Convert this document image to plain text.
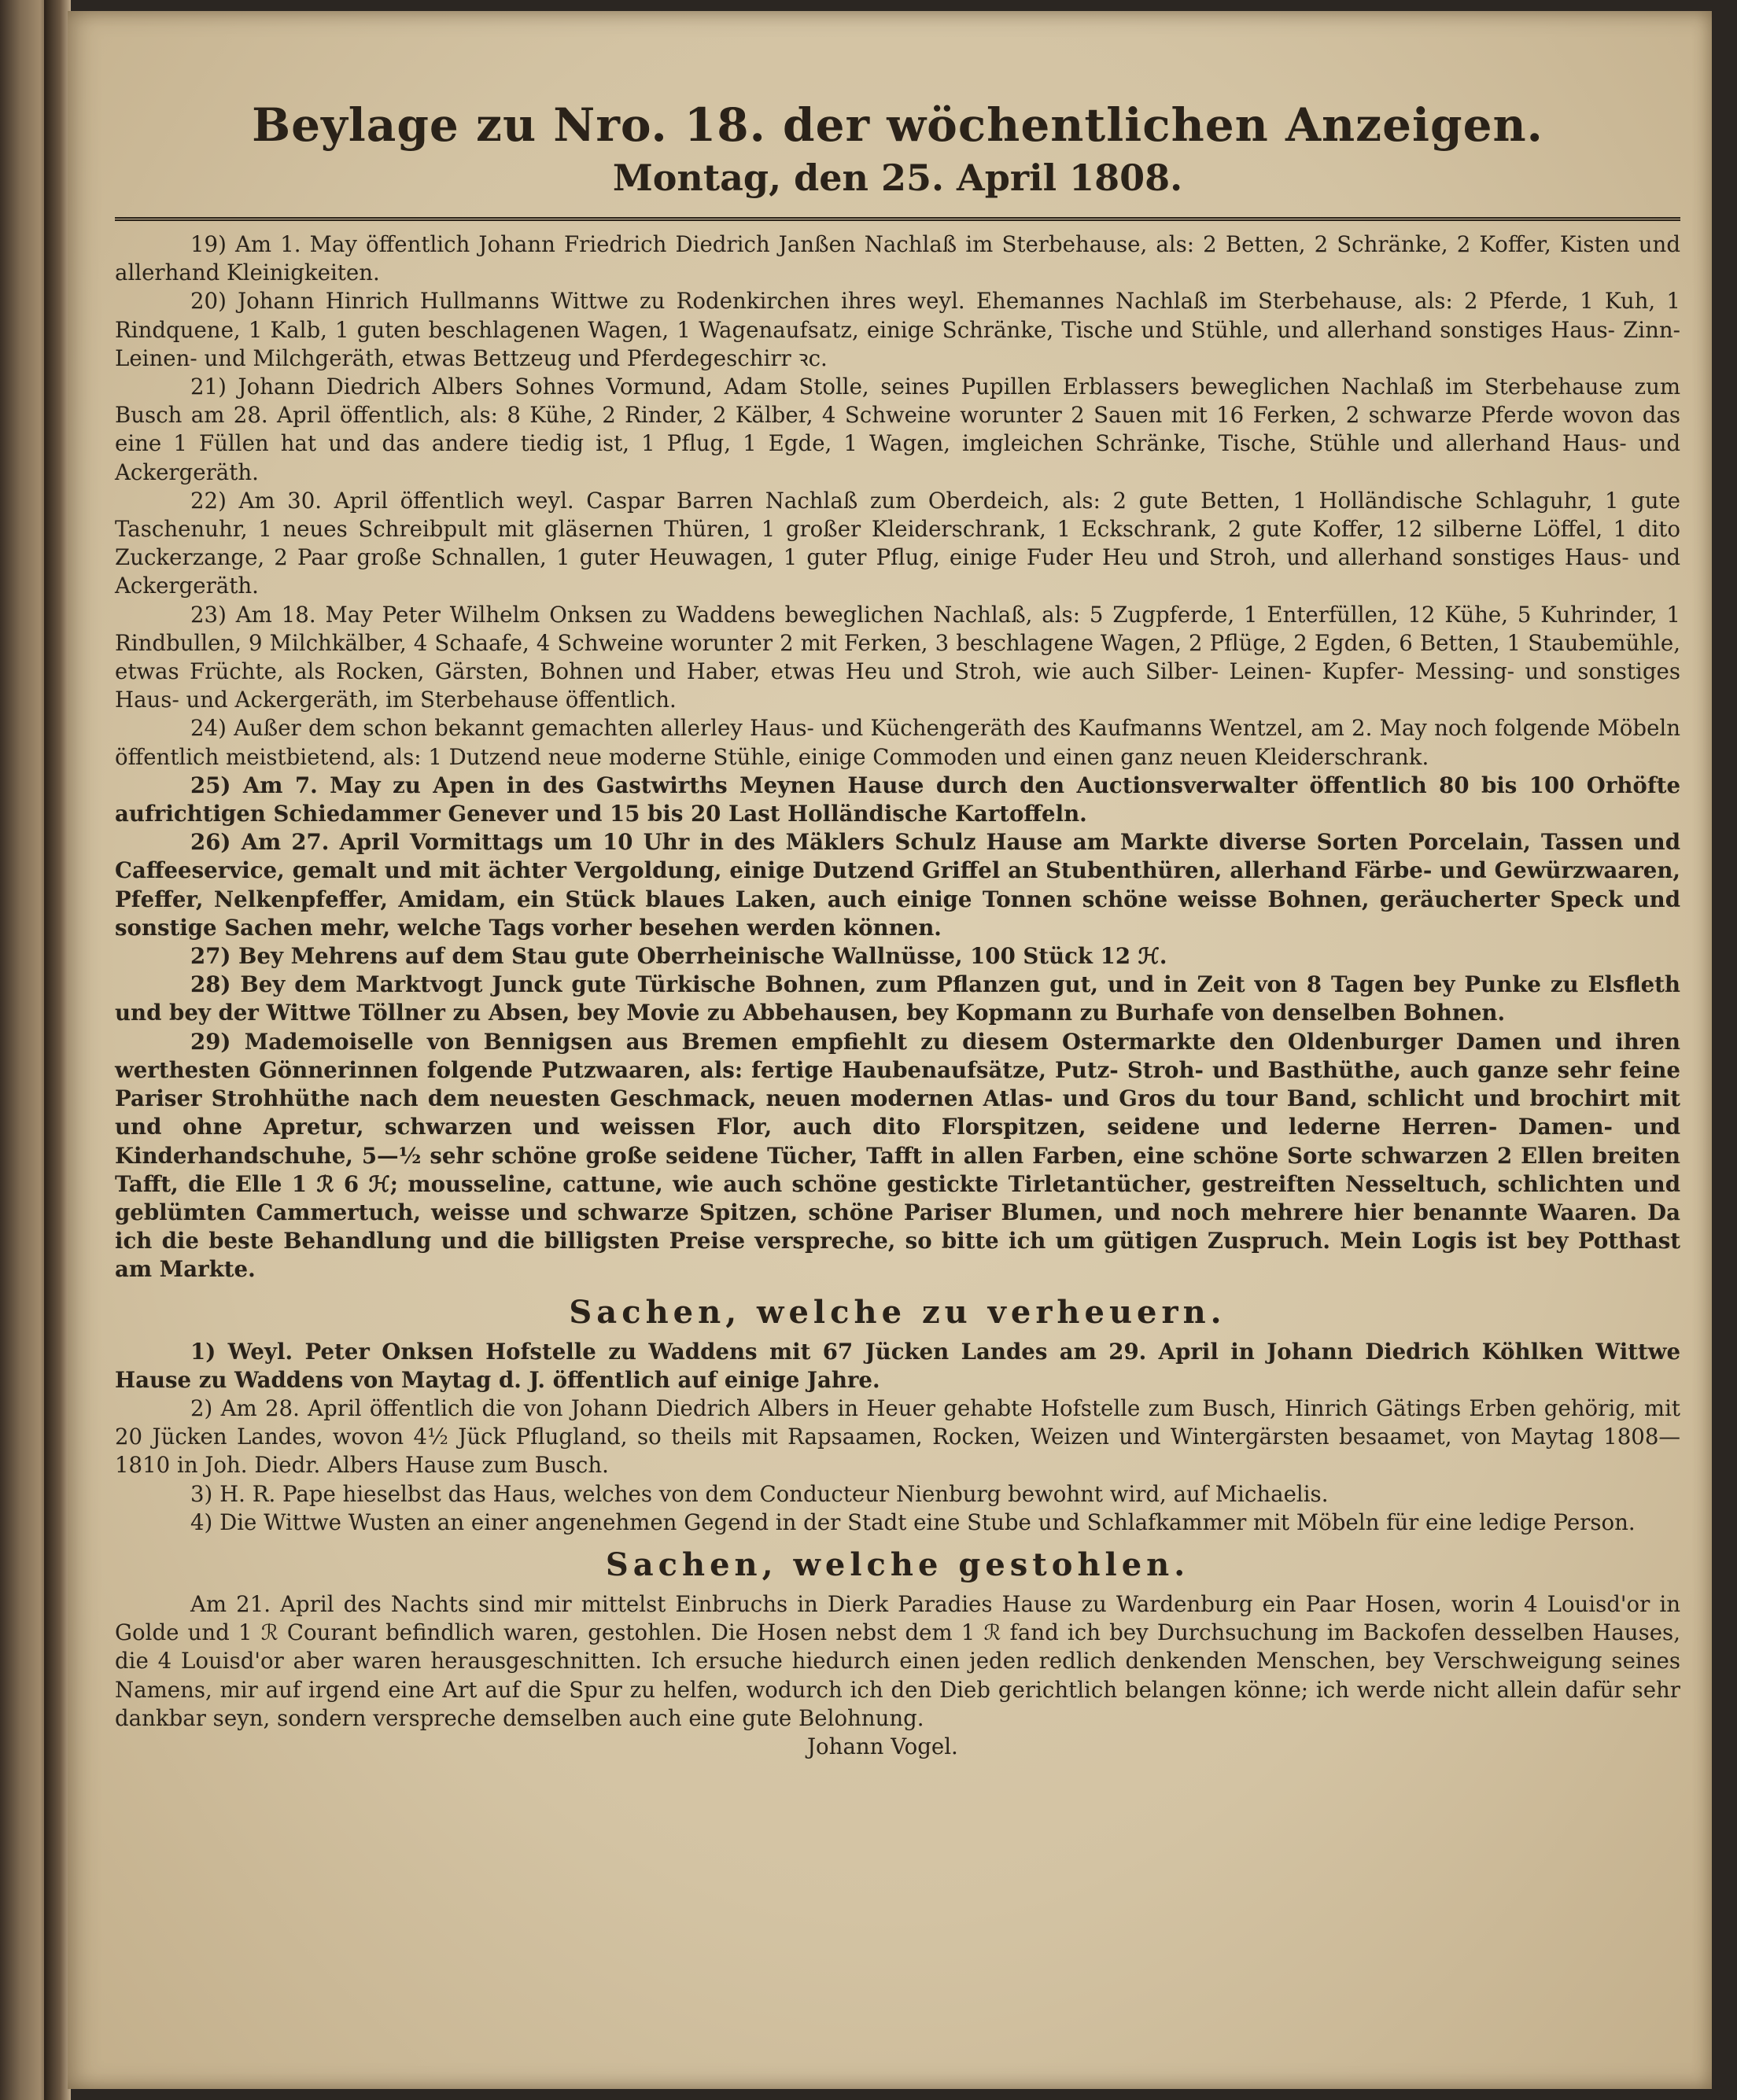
Beylage zu Nro. 18. der wöchentlichen Anzeigen.
Montag, den 25. April 1808.

19) Am 1. May öffentlich Johann Friedrich Diedrich Janßen Nachlaß im Sterbehause, als: 2 Betten, 2 Schränke, 2 Koffer, Kisten und allerhand Kleinigkeiten.

20) Johann Hinrich Hullmanns Wittwe zu Rodenkirchen ihres weyl. Ehemannes Nachlaß im Sterbehause, als: 2 Pferde, 1 Kuh, 1 Rindquene, 1 Kalb, 1 guten beschlagenen Wagen, 1 Wagenaufsatz, einige Schränke, Tische und Stühle, und allerhand sonstiges Haus- Zinn- Leinen- und Milchgeräth, etwas Bettzeug und Pferdegeschirr ꝛc.

21) Johann Diedrich Albers Sohnes Vormund, Adam Stolle, seines Pupillen Erblassers beweglichen Nachlaß im Sterbehause zum Busch am 28. April öffentlich, als: 8 Kühe, 2 Rinder, 2 Kälber, 4 Schweine worunter 2 Sauen mit 16 Ferken, 2 schwarze Pferde wovon das eine 1 Füllen hat und das andere tiedig ist, 1 Pflug, 1 Egde, 1 Wagen, imgleichen Schränke, Tische, Stühle und allerhand Haus- und Ackergeräth.

22) Am 30. April öffentlich weyl. Caspar Barren Nachlaß zum Oberdeich, als: 2 gute Betten, 1 Holländische Schlaguhr, 1 gute Taschenuhr, 1 neues Schreibpult mit gläsernen Thüren, 1 großer Kleiderschrank, 1 Eckschrank, 2 gute Koffer, 12 silberne Löffel, 1 dito Zuckerzange, 2 Paar große Schnallen, 1 guter Heuwagen, 1 guter Pflug, einige Fuder Heu und Stroh, und allerhand sonstiges Haus- und Ackergeräth.

23) Am 18. May Peter Wilhelm Onksen zu Waddens beweglichen Nachlaß, als: 5 Zugpferde, 1 Enterfüllen, 12 Kühe, 5 Kuhrinder, 1 Rindbullen, 9 Milchkälber, 4 Schaafe, 4 Schweine worunter 2 mit Ferken, 3 beschlagene Wagen, 2 Pflüge, 2 Egden, 6 Betten, 1 Staubemühle, etwas Früchte, als Rocken, Gärsten, Bohnen und Haber, etwas Heu und Stroh, wie auch Silber- Leinen- Kupfer- Messing- und sonstiges Haus- und Ackergeräth, im Sterbehause öffentlich.

24) Außer dem schon bekannt gemachten allerley Haus- und Küchengeräth des Kaufmanns Wentzel, am 2. May noch folgende Möbeln öffentlich meistbietend, als: 1 Dutzend neue moderne Stühle, einige Commoden und einen ganz neuen Kleiderschrank.

25) Am 7. May zu Apen in des Gastwirths Meynen Hause durch den Auctionsverwalter öffentlich 80 bis 100 Orhöfte aufrichtigen Schiedammer Genever und 15 bis 20 Last Holländische Kartoffeln.

26) Am 27. April Vormittags um 10 Uhr in des Mäklers Schulz Hause am Markte diverse Sorten Porcelain, Tassen und Caffeeservice, gemalt und mit ächter Vergoldung, einige Dutzend Griffel an Stubenthüren, allerhand Färbe- und Gewürzwaaren, Pfeffer, Nelkenpfeffer, Amidam, ein Stück blaues Laken, auch einige Tonnen schöne weisse Bohnen, geräucherter Speck und sonstige Sachen mehr, welche Tags vorher besehen werden können.

27) Bey Mehrens auf dem Stau gute Oberrheinische Wallnüsse, 100 Stück 12 ℋ.

28) Bey dem Marktvogt Junck gute Türkische Bohnen, zum Pflanzen gut, und in Zeit von 8 Tagen bey Punke zu Elsfleth und bey der Wittwe Töllner zu Absen, bey Movie zu Abbehausen, bey Kopmann zu Burhafe von denselben Bohnen.

29) Mademoiselle von Bennigsen aus Bremen empfiehlt zu diesem Ostermarkte den Oldenburger Damen und ihren werthesten Gönnerinnen folgende Putzwaaren, als: fertige Haubenaufsätze, Putz- Stroh- und Basthüthe, auch ganze sehr feine Pariser Strohhüthe nach dem neuesten Geschmack, neuen modernen Atlas- und Gros du tour Band, schlicht und brochirt mit und ohne Apretur, schwarzen und weissen Flor, auch dito Florspitzen, seidene und lederne Herren- Damen- und Kinderhandschuhe, 5—½ sehr schöne große seidene Tücher, Tafft in allen Farben, eine schöne Sorte schwarzen 2 Ellen breiten Tafft, die Elle 1 ℛ 6 ℋ; mousseline, cattune, wie auch schöne gestickte Tirletantücher, gestreiften Nesseltuch, schlichten und geblümten Cammertuch, weisse und schwarze Spitzen, schöne Pariser Blumen, und noch mehrere hier benannte Waaren. Da ich die beste Behandlung und die billigsten Preise verspreche, so bitte ich um gütigen Zuspruch. Mein Logis ist bey Potthast am Markte.

Sachen, welche zu verheuern.

1) Weyl. Peter Onksen Hofstelle zu Waddens mit 67 Jücken Landes am 29. April in Johann Diedrich Köhlken Wittwe Hause zu Waddens von Maytag d. J. öffentlich auf einige Jahre.

2) Am 28. April öffentlich die von Johann Diedrich Albers in Heuer gehabte Hofstelle zum Busch, Hinrich Gätings Erben gehörig, mit 20 Jücken Landes, wovon 4½ Jück Pflugland, so theils mit Rapsaamen, Rocken, Weizen und Wintergärsten besaamet, von Maytag 1808—1810 in Joh. Diedr. Albers Hause zum Busch.

3) H. R. Pape hieselbst das Haus, welches von dem Conducteur Nienburg bewohnt wird, auf Michaelis.

4) Die Wittwe Wusten an einer angenehmen Gegend in der Stadt eine Stube und Schlafkammer mit Möbeln für eine ledige Person.

Sachen, welche gestohlen.

Am 21. April des Nachts sind mir mittelst Einbruchs in Dierk Paradies Hause zu Wardenburg ein Paar Hosen, worin 4 Louisd'or in Golde und 1 ℛ Courant befindlich waren, gestohlen. Die Hosen nebst dem 1 ℛ fand ich bey Durchsuchung im Backofen desselben Hauses, die 4 Louisd'or aber waren herausgeschnitten. Ich ersuche hiedurch einen jeden redlich denkenden Menschen, bey Verschweigung seines Namens, mir auf irgend eine Art auf die Spur zu helfen, wodurch ich den Dieb gerichtlich belangen könne; ich werde nicht allein dafür sehr dankbar seyn, sondern verspreche demselben auch eine gute Belohnung.

Johann Vogel.
